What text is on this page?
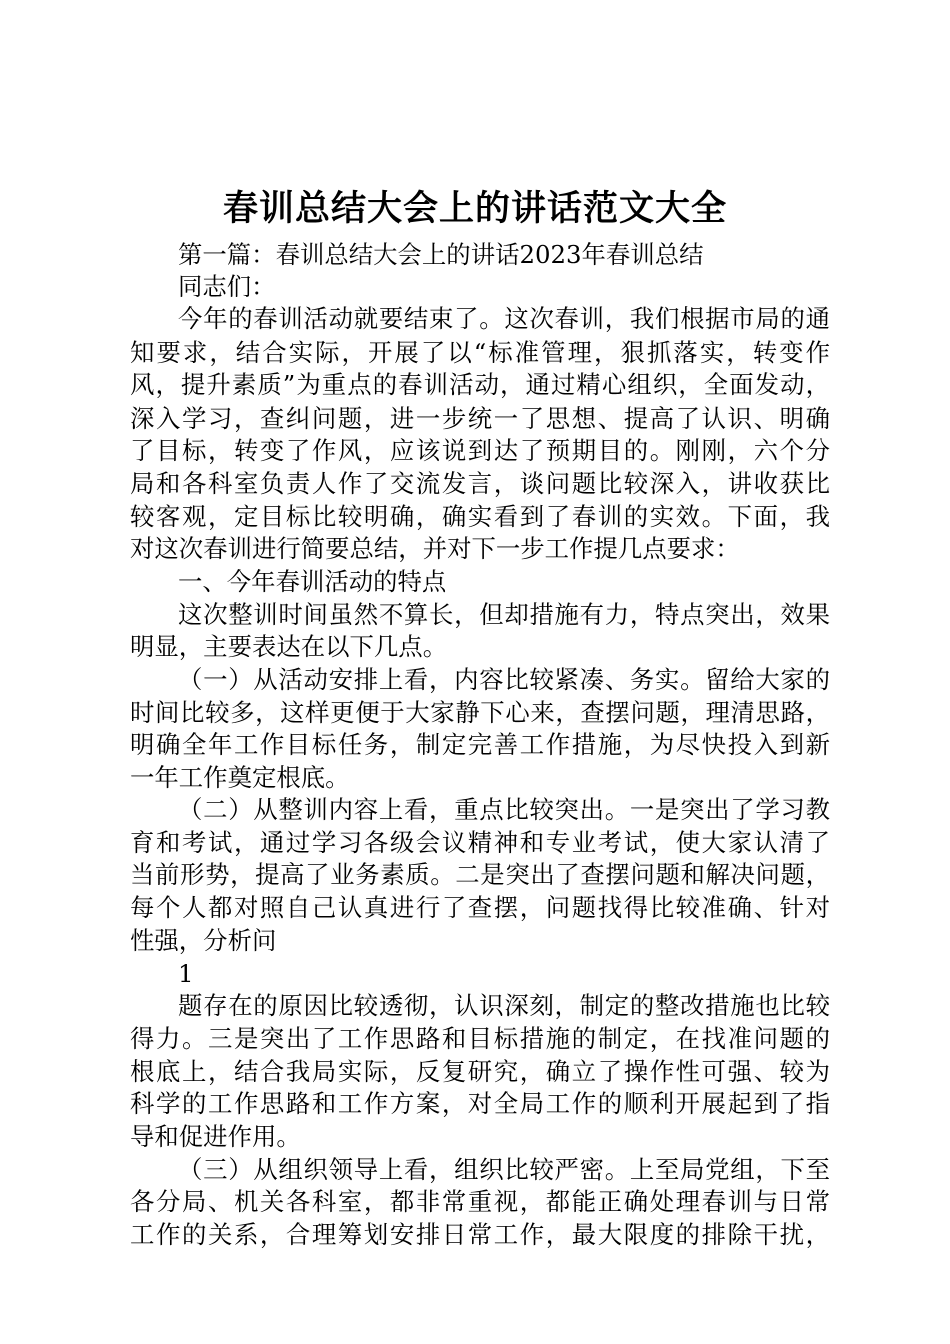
春训总结大会上的讲话范文大全
第一篇：春训总结大会上的讲话2023年春训总结
同志们：
今年的春训活动就要结束了。这次春训，我们根据市局的通
知要求，结合实际，开展了以“标准管理，狠抓落实，转变作
风，提升素质”为重点的春训活动，通过精心组织，全面发动，
深入学习，查纠问题，进一步统一了思想、提高了认识、明确
了目标，转变了作风，应该说到达了预期目的。刚刚，六个分
局和各科室负责人作了交流发言，谈问题比较深入，讲收获比
较客观，定目标比较明确，确实看到了春训的实效。下面，我
对这次春训进行简要总结，并对下一步工作提几点要求：
一、今年春训活动的特点
这次整训时间虽然不算长，但却措施有力，特点突出，效果
明显，主要表达在以下几点。
（一）从活动安排上看，内容比较紧凑、务实。留给大家的
时间比较多，这样更便于大家静下心来，查摆问题，理清思路，
明确全年工作目标任务，制定完善工作措施，为尽快投入到新
一年工作奠定根底。
（二）从整训内容上看，重点比较突出。一是突出了学习教
育和考试，通过学习各级会议精神和专业考试，使大家认清了
当前形势，提高了业务素质。二是突出了查摆问题和解决问题，
每个人都对照自己认真进行了查摆，问题找得比较准确、针对
性强，分析问
1
题存在的原因比较透彻，认识深刻，制定的整改措施也比较
得力。三是突出了工作思路和目标措施的制定，在找准问题的
根底上，结合我局实际，反复研究，确立了操作性可强、较为
科学的工作思路和工作方案，对全局工作的顺利开展起到了指
导和促进作用。
（三）从组织领导上看，组织比较严密。上至局党组，下至
各分局、机关各科室，都非常重视，都能正确处理春训与日常
工作的关系，合理筹划安排日常工作，最大限度的排除干扰，
